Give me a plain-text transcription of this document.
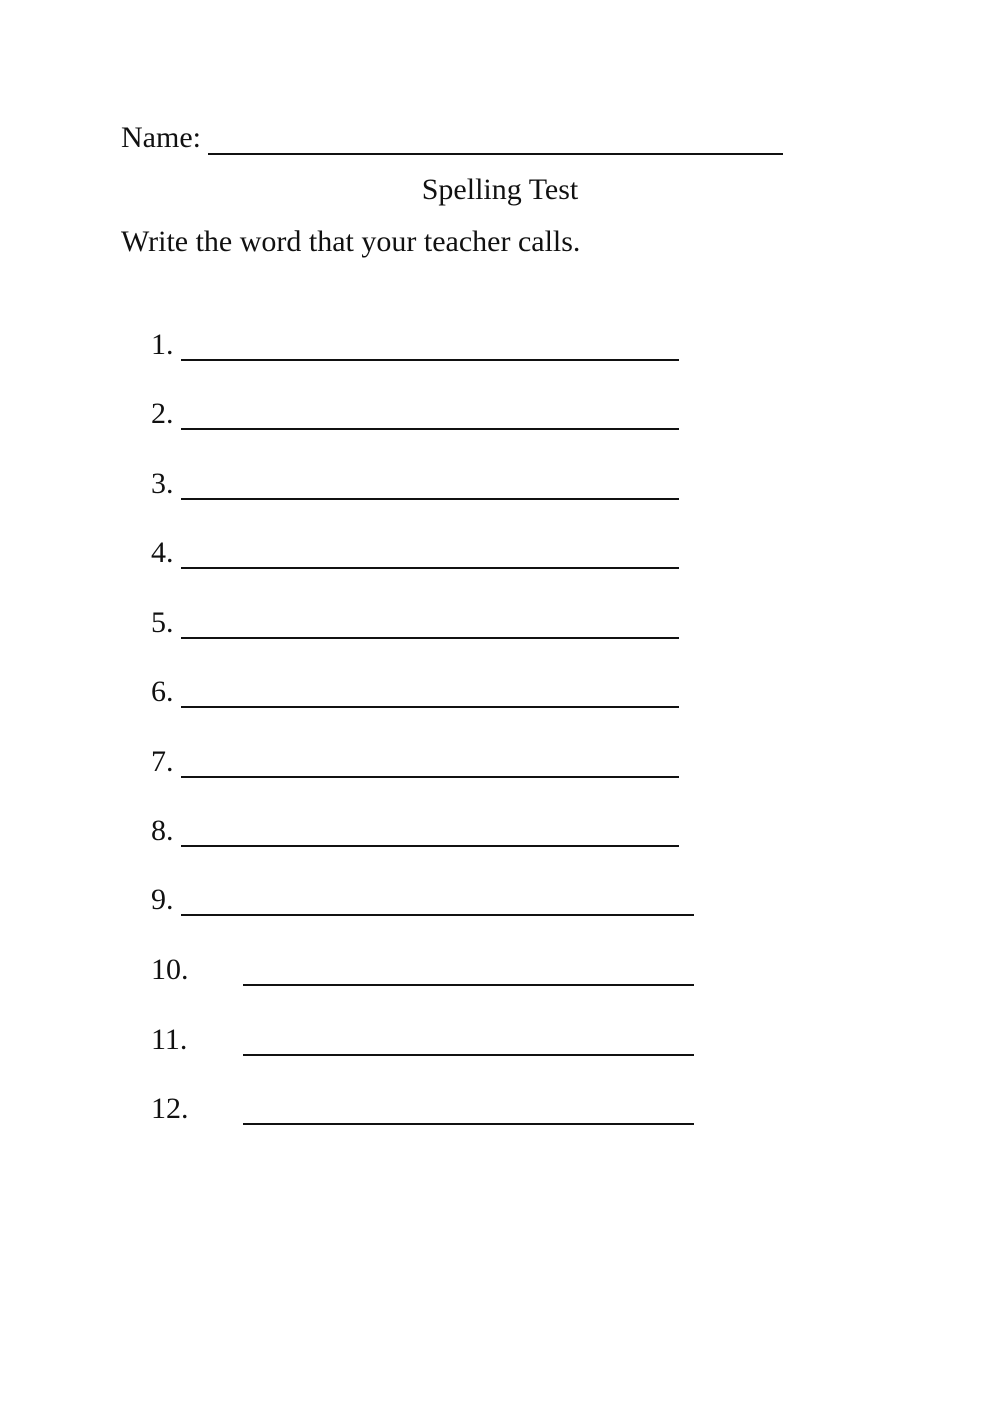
Name:
Spelling Test
Write the word that your teacher calls.
1.
2.
3.
4.
5.
6.
7.
8.
9.
10.
11.
12.
